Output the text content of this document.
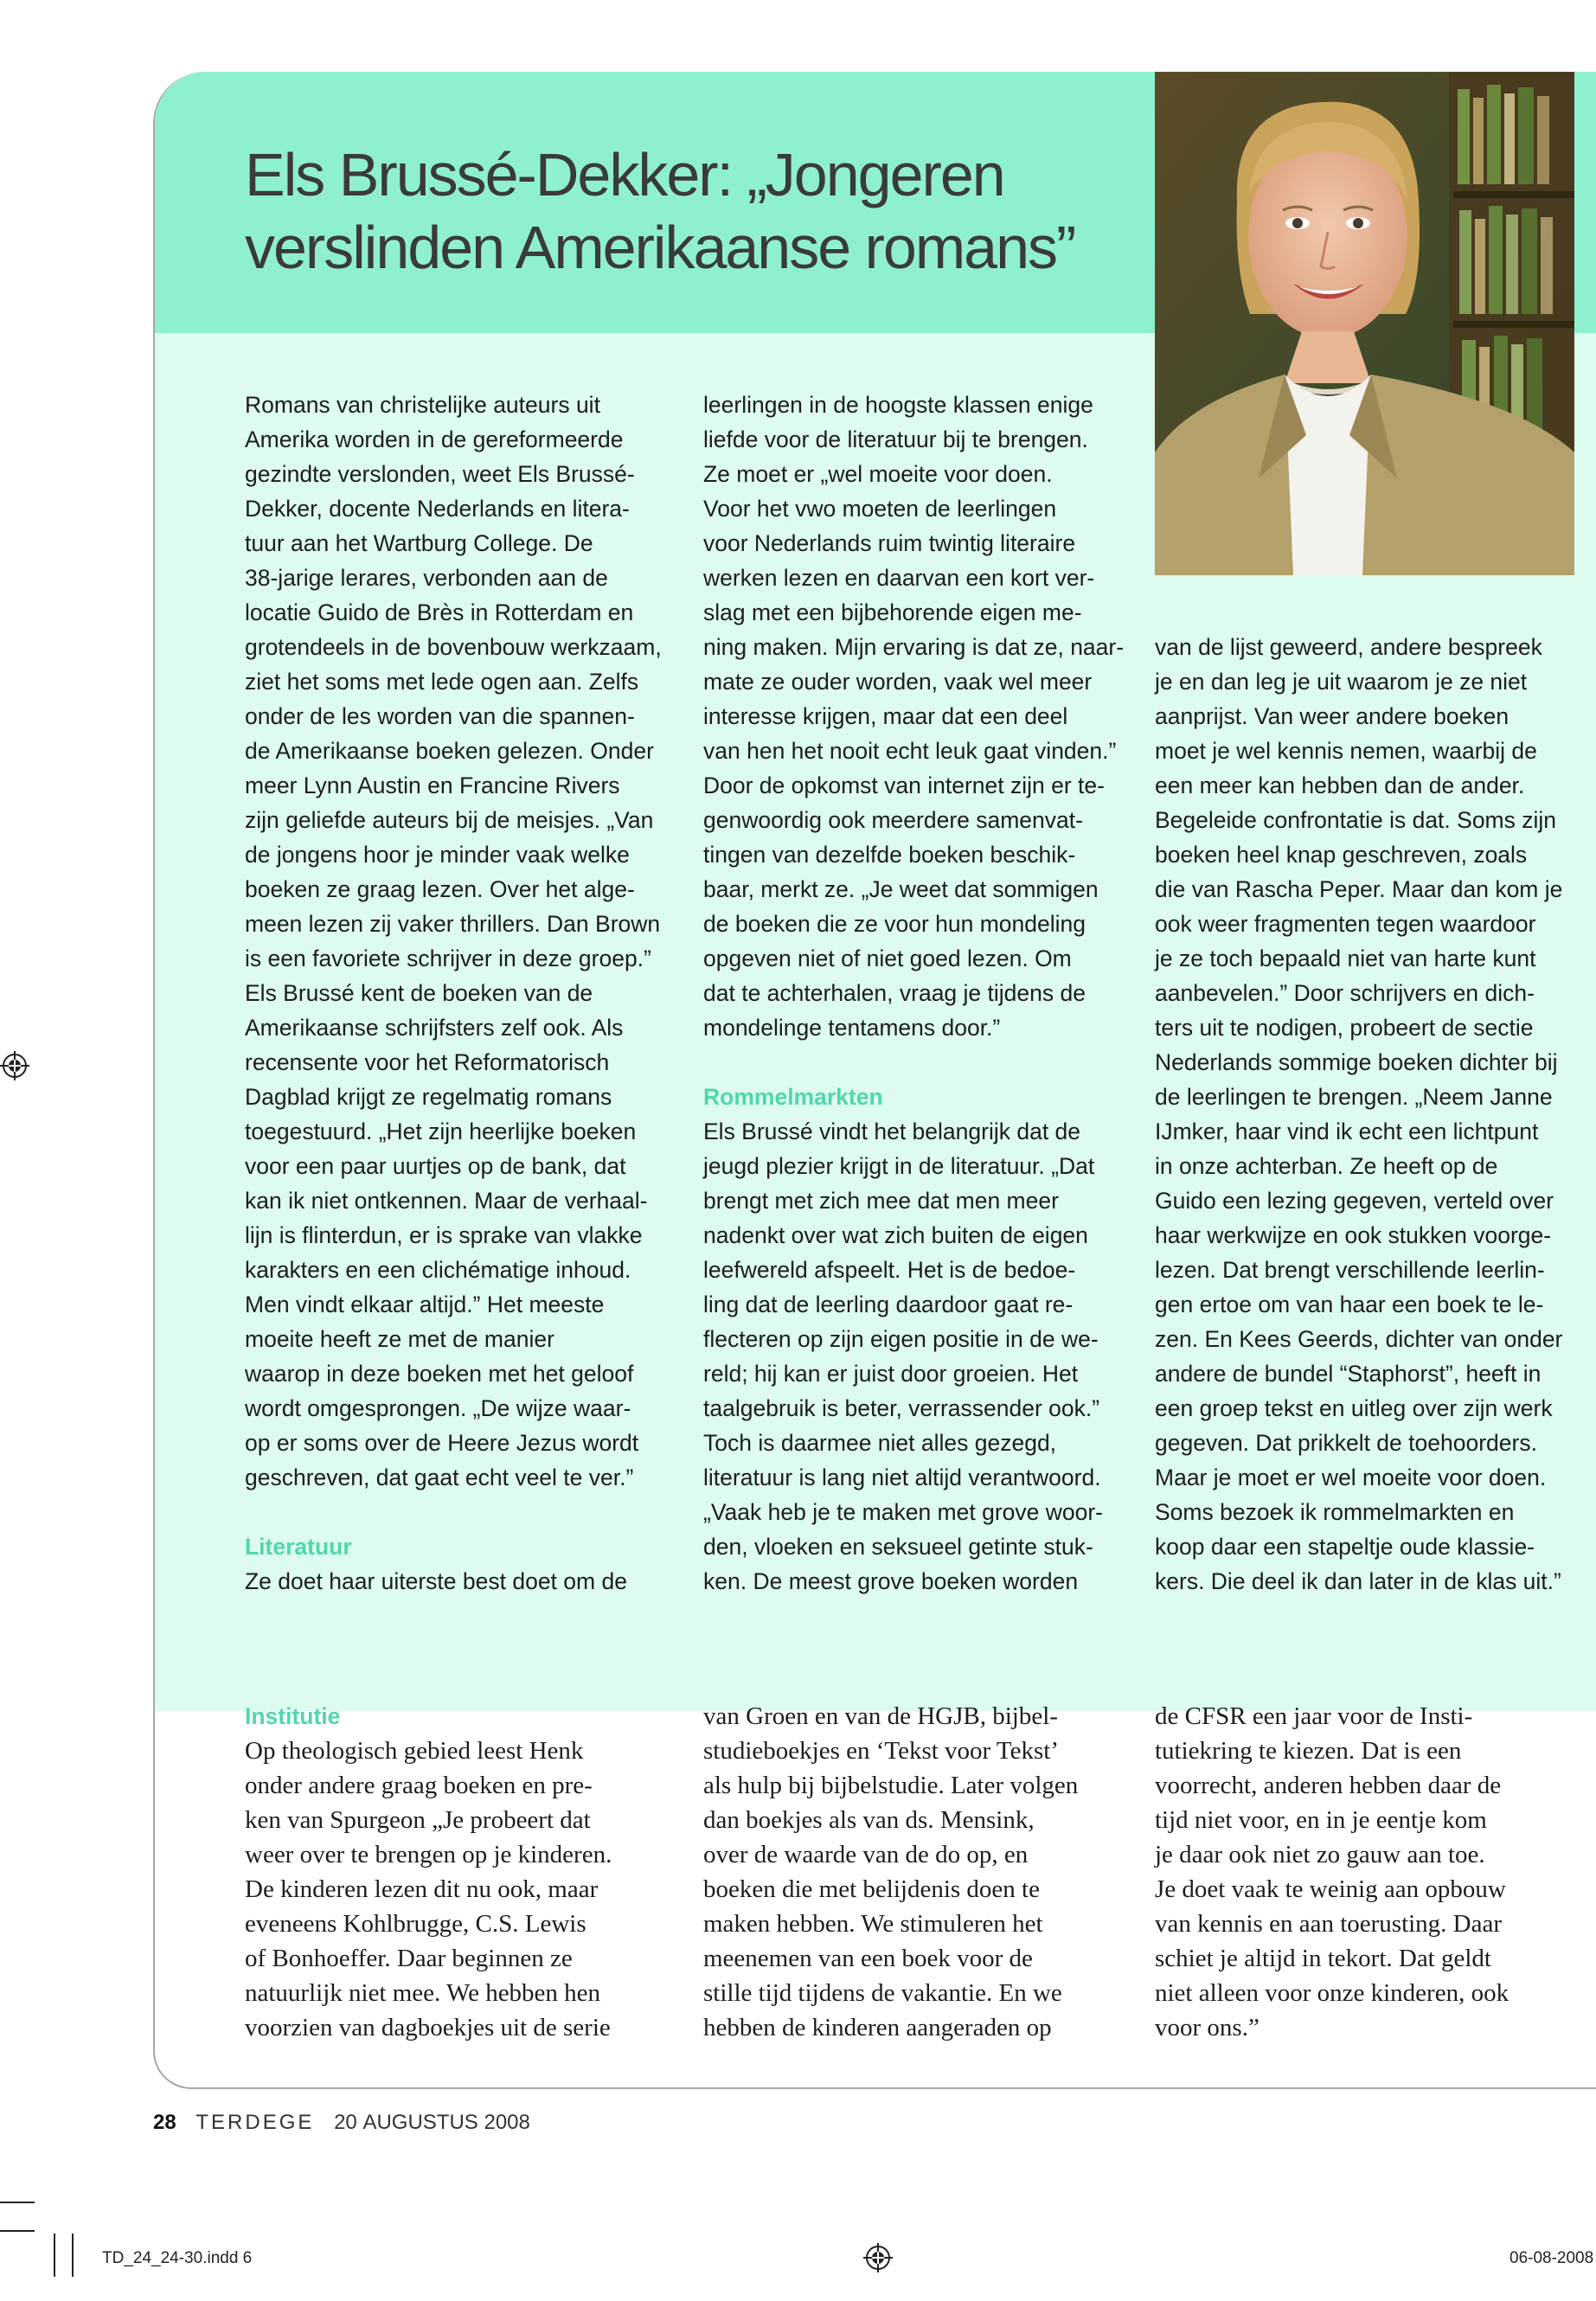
Els Brussé-Dekker: „Jongeren
verslinden Amerikaanse romans”

Romans van christelijke auteurs uit

Amerika worden in de gereformeerde

gezindte verslonden, weet Els Brussé-

Dekker, docente Nederlands en litera-

tuur aan het Wartburg College. De

38-jarige lerares, verbonden aan de

locatie Guido de Brès in Rotterdam en

grotendeels in de bovenbouw werkzaam,

ziet het soms met lede ogen aan. Zelfs

onder de les worden van die spannen-

de Amerikaanse boeken gelezen. Onder

meer Lynn Austin en Francine Rivers

zijn geliefde auteurs bij de meisjes. „Van

de jongens hoor je minder vaak welke

boeken ze graag lezen. Over het alge-

meen lezen zij vaker thrillers. Dan Brown

is een favoriete schrijver in deze groep.”

Els Brussé kent de boeken van de

Amerikaanse schrijfsters zelf ook. Als

recensente voor het Reformatorisch

Dagblad krijgt ze regelmatig romans

toegestuurd. „Het zijn heerlijke boeken

voor een paar uurtjes op de bank, dat

kan ik niet ontkennen. Maar de verhaal-

lijn is flinterdun, er is sprake van vlakke

karakters en een clichématige inhoud.

Men vindt elkaar altijd.” Het meeste

moeite heeft ze met de manier

waarop in deze boeken met het geloof

wordt omgesprongen. „De wijze waar-

op er soms over de Heere Jezus wordt

geschreven, dat gaat echt veel te ver.”

Literatuur

Ze doet haar uiterste best doet om de

leerlingen in de hoogste klassen enige

liefde voor de literatuur bij te brengen.

Ze moet er „wel moeite voor doen.

Voor het vwo moeten de leerlingen

voor Nederlands ruim twintig literaire

werken lezen en daarvan een kort ver-

slag met een bijbehorende eigen me-

ning maken. Mijn ervaring is dat ze, naar-

mate ze ouder worden, vaak wel meer

interesse krijgen, maar dat een deel

van hen het nooit echt leuk gaat vinden.”

Door de opkomst van internet zijn er te-

genwoordig ook meerdere samenvat-

tingen van dezelfde boeken beschik-

baar, merkt ze. „Je weet dat sommigen

de boeken die ze voor hun mondeling

opgeven niet of niet goed lezen. Om

dat te achterhalen, vraag je tijdens de

mondelinge tentamens door.”

Rommelmarkten

Els Brussé vindt het belangrijk dat de

jeugd plezier krijgt in de literatuur. „Dat

brengt met zich mee dat men meer

nadenkt over wat zich buiten de eigen

leefwereld afspeelt. Het is de bedoe-

ling dat de leerling daardoor gaat re-

flecteren op zijn eigen positie in de we-

reld; hij kan er juist door groeien. Het

taalgebruik is beter, verrassender ook.”

Toch is daarmee niet alles gezegd,

literatuur is lang niet altijd verantwoord.

„Vaak heb je te maken met grove woor-

den, vloeken en seksueel getinte stuk-

ken. De meest grove boeken worden

van de lijst geweerd, andere bespreek

je en dan leg je uit waarom je ze niet

aanprijst. Van weer andere boeken

moet je wel kennis nemen, waarbij de

een meer kan hebben dan de ander.

Begeleide confrontatie is dat. Soms zijn

boeken heel knap geschreven, zoals

die van Rascha Peper. Maar dan kom je

ook weer fragmenten tegen waardoor

je ze toch bepaald niet van harte kunt

aanbevelen.” Door schrijvers en dich-

ters uit te nodigen, probeert de sectie

Nederlands sommige boeken dichter bij

de leerlingen te brengen. „Neem Janne

IJmker, haar vind ik echt een lichtpunt

in onze achterban. Ze heeft op de

Guido een lezing gegeven, verteld over

haar werkwijze en ook stukken voorge-

lezen. Dat brengt verschillende leerlin-

gen ertoe om van haar een boek te le-

zen. En Kees Geerds, dichter van onder

andere de bundel “Staphorst”, heeft in

een groep tekst en uitleg over zijn werk

gegeven. Dat prikkelt de toehoorders.

Maar je moet er wel moeite voor doen.

Soms bezoek ik rommelmarkten en

koop daar een stapeltje oude klassie-

kers. Die deel ik dan later in de klas uit.”

Institutie

Op theologisch gebied leest Henk

onder andere graag boeken en pre-

ken van Spurgeon „Je probeert dat

weer over te brengen op je kinderen.

De kinderen lezen dit nu ook, maar

eveneens Kohlbrugge, C.S. Lewis

of Bonhoeffer. Daar beginnen ze

natuurlijk niet mee. We hebben hen

voorzien van dagboekjes uit de serie

van Groen en van de HGJB, bijbel-

studieboekjes en ‘Tekst voor Tekst’

als hulp bij bijbelstudie. Later volgen

dan boekjes als van ds. Mensink,

over de waarde van de do op, en

boeken die met belijdenis doen te

maken hebben. We stimuleren het

meenemen van een boek voor de

stille tijd tijdens de vakantie. En we

hebben de kinderen aangeraden op

de CFSR een jaar voor de Insti-

tutiekring te kiezen. Dat is een

voorrecht, anderen hebben daar de

tijd niet voor, en in je eentje kom

je daar ook niet zo gauw aan toe.

Je doet vaak te weinig aan opbouw

van kennis en aan toerusting. Daar

schiet je altijd in tekort. Dat geldt

niet alleen voor onze kinderen, ook

voor ons.”

28 TERDEGE 20 AUGUSTUS 2008
TD_24_24-30.indd 6	06-08-2008
